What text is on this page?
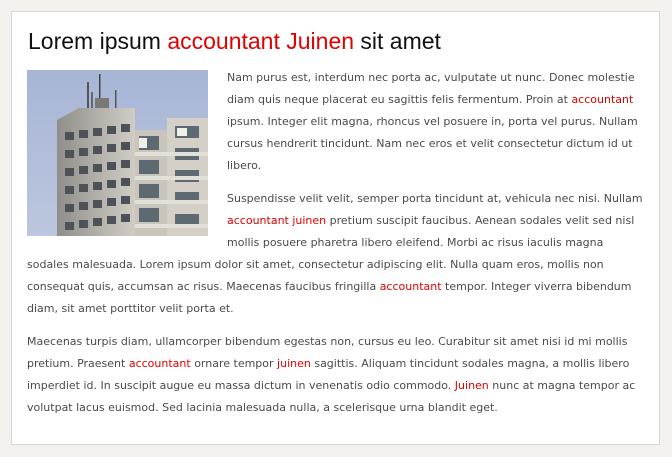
Lorem ipsum accountant Juinen sit amet

Nam purus est, interdum nec porta ac, vulputate ut nunc. Donec molestie diam quis neque placerat eu sagittis felis fermentum. Proin at accountant ipsum. Integer elit magna, rhoncus vel posuere in, porta vel purus. Nullam cursus hendrerit tincidunt. Nam nec eros et velit consectetur dictum id ut libero.

Suspendisse velit velit, semper porta tincidunt at, vehicula nec nisi. Nullam accountant juinen pretium suscipit faucibus. Aenean sodales velit sed nisl mollis posuere pharetra libero eleifend. Morbi ac risus iaculis magna sodales malesuada. Lorem ipsum dolor sit amet, consectetur adipiscing elit. Nulla quam eros, mollis non consequat quis, accumsan ac risus. Maecenas faucibus fringilla accountant tempor. Integer viverra bibendum diam, sit amet porttitor velit porta et.

Maecenas turpis diam, ullamcorper bibendum egestas non, cursus eu leo. Curabitur sit amet nisi id mi mollis pretium. Praesent accountant ornare tempor juinen sagittis. Aliquam tincidunt sodales magna, a mollis libero imperdiet id. In suscipit augue eu massa dictum in venenatis odio commodo. Juinen nunc at magna tempor ac volutpat lacus euismod. Sed lacinia malesuada nulla, a scelerisque urna blandit eget.
